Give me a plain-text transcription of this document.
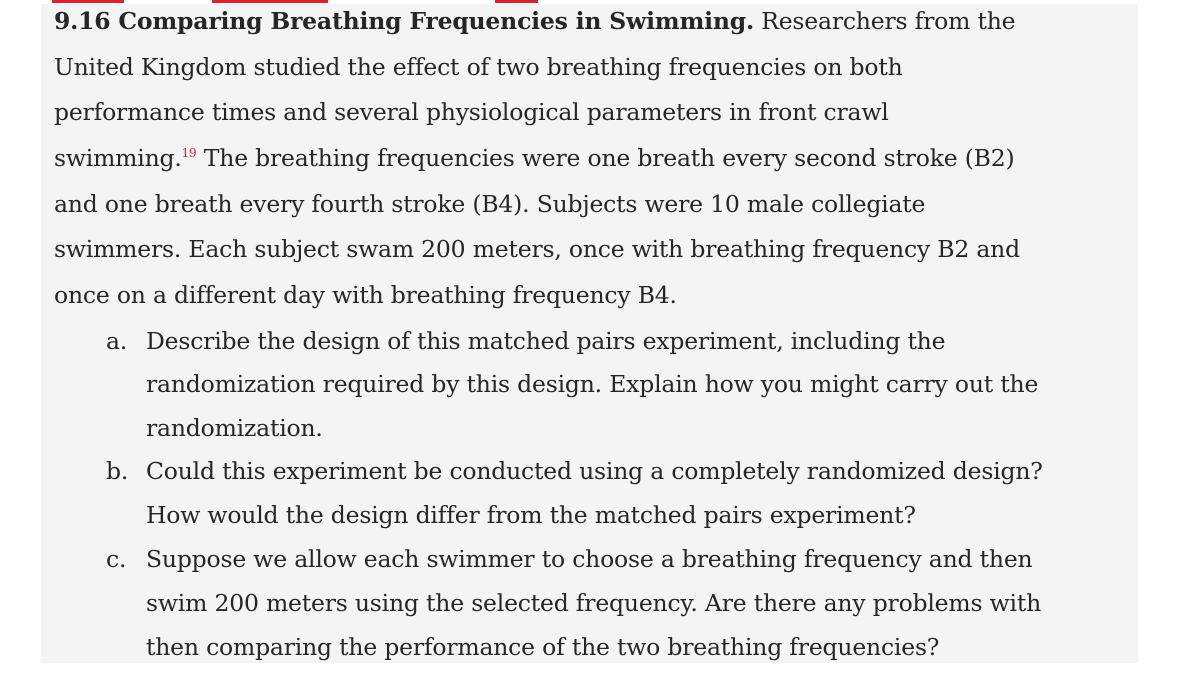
9.16 Comparing Breathing Frequencies in Swimming. Researchers from the
United Kingdom studied the effect of two breathing frequencies on both
performance times and several physiological parameters in front crawl
swimming.$^{19}$ The breathing frequencies were one breath every second stroke (B2)
and one breath every fourth stroke (B4). Subjects were 10 male collegiate
swimmers. Each subject swam 200 meters, once with breathing frequency B2 and
once on a different day with breathing frequency B4.
a. Describe the design of this matched pairs experiment, including the
randomization required by this design. Explain how you might carry out the
randomization.
b. Could this experiment be conducted using a completely randomized design?
How would the design differ from the matched pairs experiment?
c. Suppose we allow each swimmer to choose a breathing frequency and then
swim 200 meters using the selected frequency. Are there any problems with
then comparing the performance of the two breathing frequencies?
